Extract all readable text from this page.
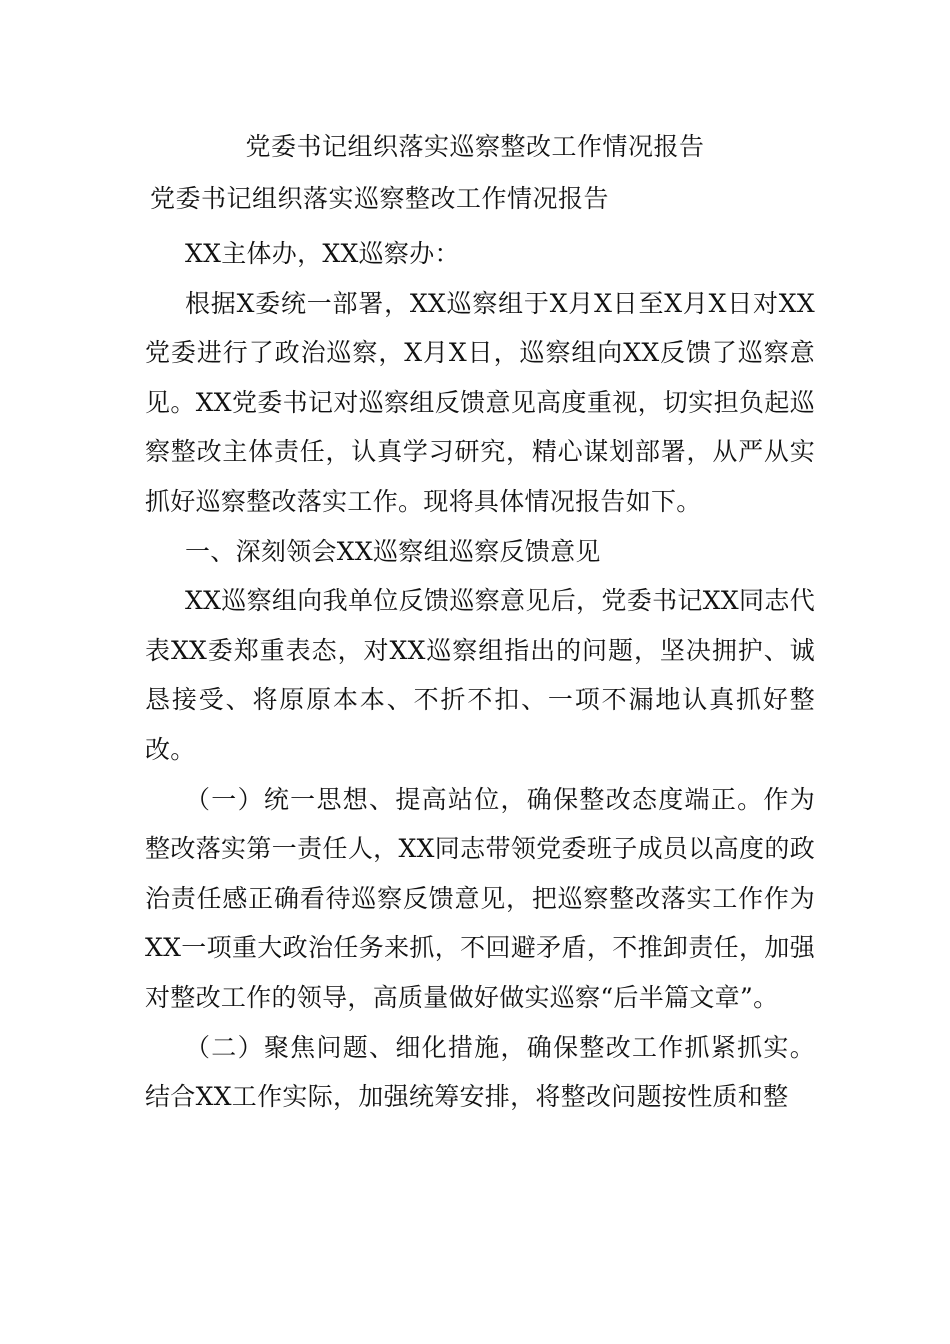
党委书记组织落实巡察整改工作情况报告
党委书记组织落实巡察整改工作情况报告

XX主体办，XX巡察办：

根据X委统一部署，XX巡察组于X月X日至X月X日对XX党委进行了政治巡察，X月X日，巡察组向XX反馈了巡察意见。XX党委书记对巡察组反馈意见高度重视，切实担负起巡察整改主体责任，认真学习研究，精心谋划部署，从严从实抓好巡察整改落实工作。现将具体情况报告如下。

一、深刻领会XX巡察组巡察反馈意见

XX巡察组向我单位反馈巡察意见后，党委书记XX同志代表XX委郑重表态，对XX巡察组指出的问题，坚决拥护、诚恳接受、将原原本本、不折不扣、一项不漏地认真抓好整改。

（一）统一思想、提高站位，确保整改态度端正。作为整改落实第一责任人，XX同志带领党委班子成员以高度的政治责任感正确看待巡察反馈意见，把巡察整改落实工作作为XX一项重大政治任务来抓，不回避矛盾，不推卸责任，加强对整改工作的领导，高质量做好做实巡察“后半篇文章”。

（二）聚焦问题、细化措施，确保整改工作抓紧抓实。结合XX工作实际，加强统筹安排，将整改问题按性质和整
